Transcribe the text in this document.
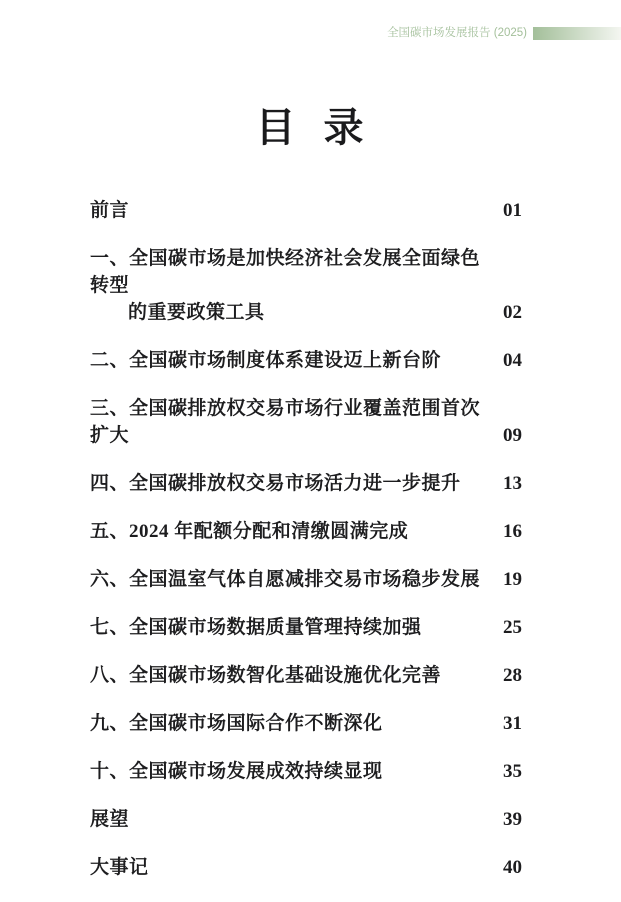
全国碳市场发展报告 (2025)
目 录
前言	01
一、全国碳市场是加快经济社会发展全面绿色转型
的重要政策工具	02
二、全国碳市场制度体系建设迈上新台阶	04
三、全国碳排放权交易市场行业覆盖范围首次扩大	09
四、全国碳排放权交易市场活力进一步提升	13
五、2024 年配额分配和清缴圆满完成	16
六、全国温室气体自愿减排交易市场稳步发展	19
七、全国碳市场数据质量管理持续加强	25
八、全国碳市场数智化基础设施优化完善	28
九、全国碳市场国际合作不断深化	31
十、全国碳市场发展成效持续显现	35
展望	39
大事记	40
